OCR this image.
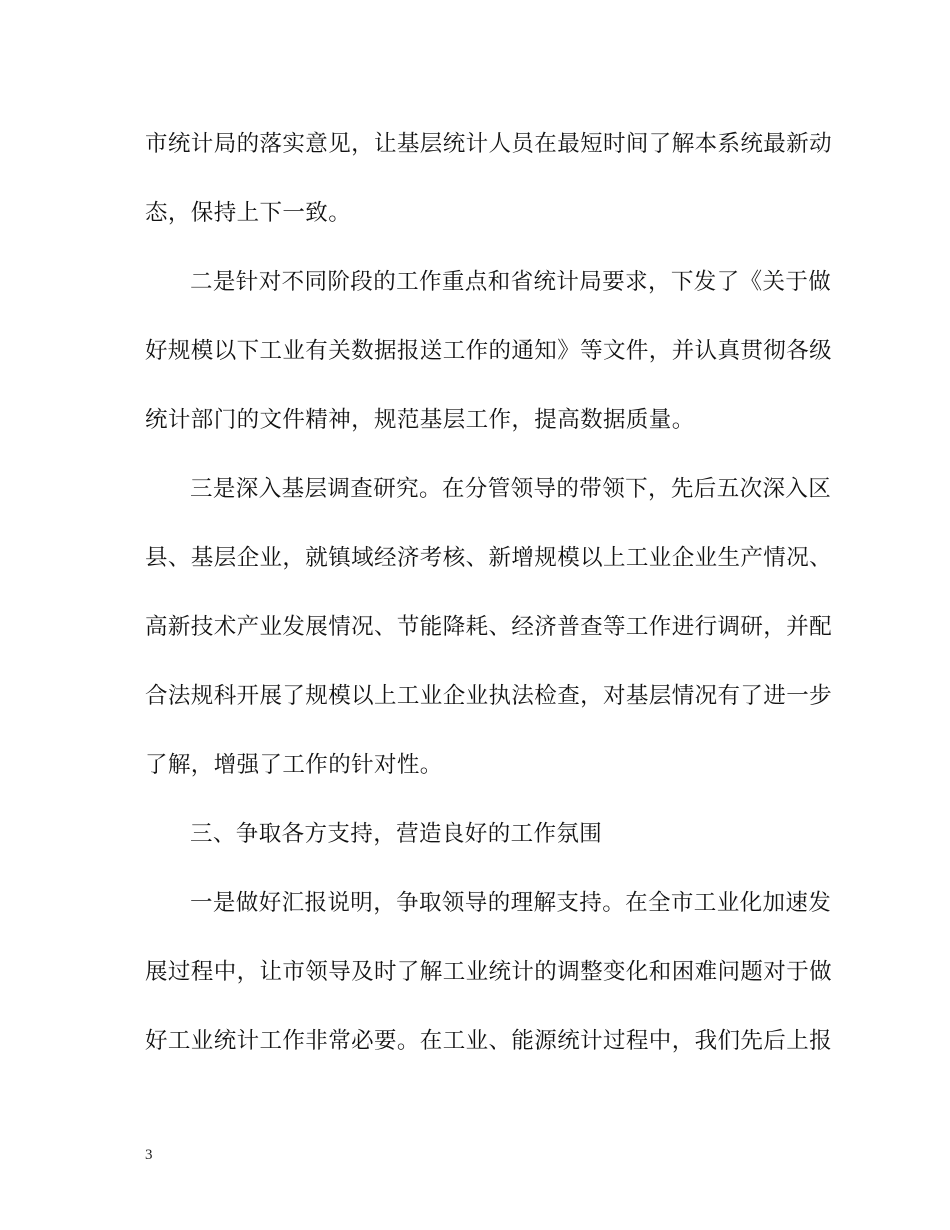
市统计局的落实意见，让基层统计人员在最短时间了解本系统最新动
态，保持上下一致。
二是针对不同阶段的工作重点和省统计局要求，下发了《关于做
好规模以下工业有关数据报送工作的通知》等文件，并认真贯彻各级
统计部门的文件精神，规范基层工作，提高数据质量。
三是深入基层调查研究。在分管领导的带领下，先后五次深入区
县、基层企业，就镇域经济考核、新增规模以上工业企业生产情况、
高新技术产业发展情况、节能降耗、经济普查等工作进行调研，并配
合法规科开展了规模以上工业企业执法检查，对基层情况有了进一步
了解，增强了工作的针对性。
三、争取各方支持，营造良好的工作氛围
一是做好汇报说明，争取领导的理解支持。在全市工业化加速发
展过程中，让市领导及时了解工业统计的调整变化和困难问题对于做
好工业统计工作非常必要。在工业、能源统计过程中，我们先后上报
3
